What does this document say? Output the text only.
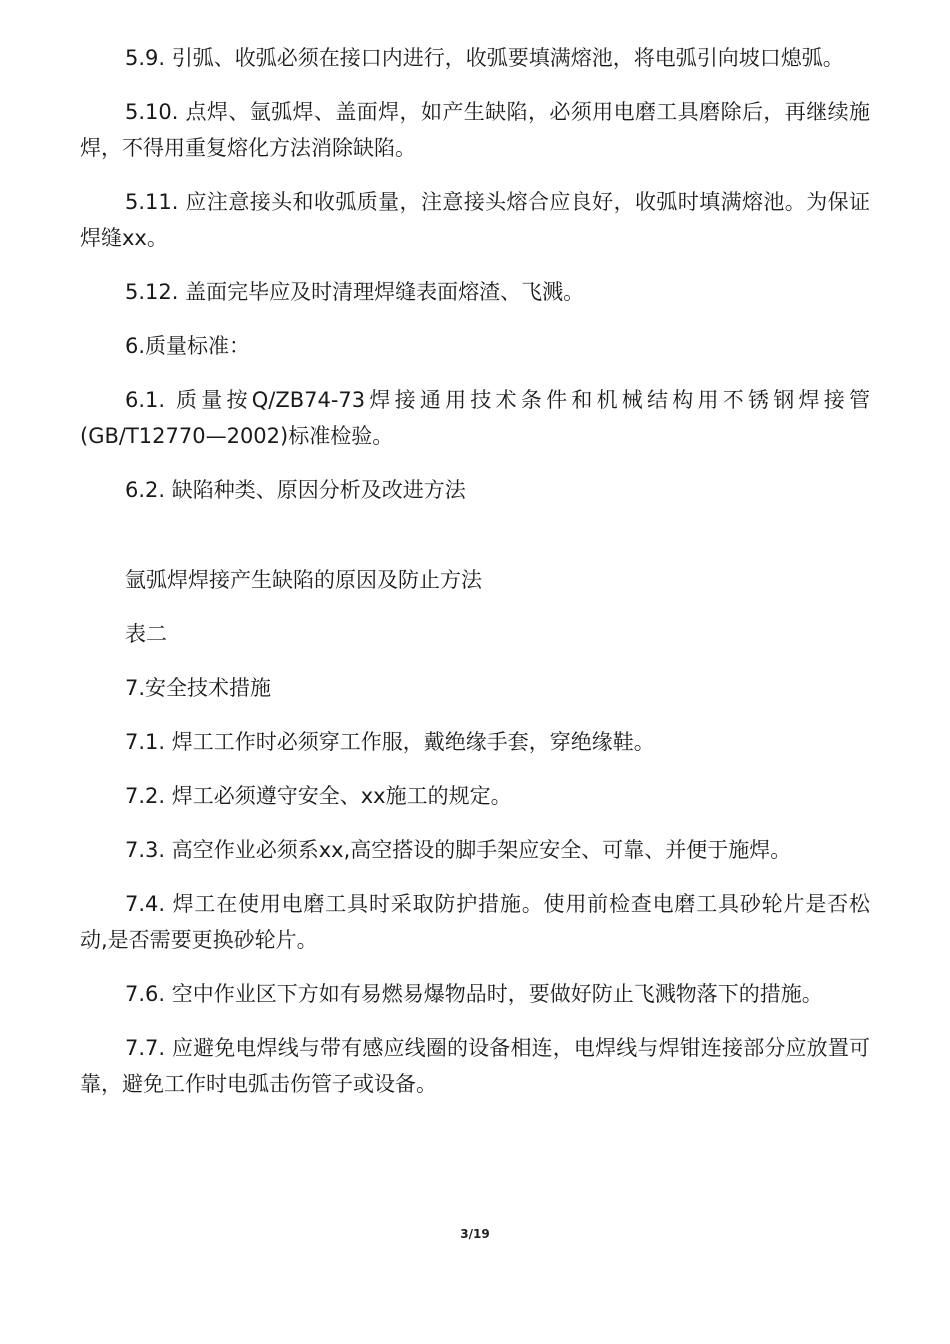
5.9. 引弧、收弧必须在接口内进行，收弧要填满熔池，将电弧引向坡口熄弧。

5.10. 点焊、氩弧焊、盖面焊，如产生缺陷，必须用电磨工具磨除后，再继续施焊，不得用重复熔化方法消除缺陷。

5.11. 应注意接头和收弧质量，注意接头熔合应良好，收弧时填满熔池。为保证焊缝xx。

5.12. 盖面完毕应及时清理焊缝表面熔渣、飞溅。

6.质量标准：

6.1. 质量按Q/ZB74-73焊接通用技术条件和机械结构用不锈钢焊接管(GB/T12770—2002)标准检验。

6.2. 缺陷种类、原因分析及改进方法

氩弧焊焊接产生缺陷的原因及防止方法

表二

7.安全技术措施

7.1. 焊工工作时必须穿工作服，戴绝缘手套，穿绝缘鞋。

7.2. 焊工必须遵守安全、xx施工的规定。

7.3. 高空作业必须系xx,高空搭设的脚手架应安全、可靠、并便于施焊。

7.4. 焊工在使用电磨工具时采取防护措施。使用前检查电磨工具砂轮片是否松动,是否需要更换砂轮片。

7.6. 空中作业区下方如有易燃易爆物品时，要做好防止飞溅物落下的措施。

7.7. 应避免电焊线与带有感应线圈的设备相连，电焊线与焊钳连接部分应放置可靠，避免工作时电弧击伤管子或设备。

3/19
